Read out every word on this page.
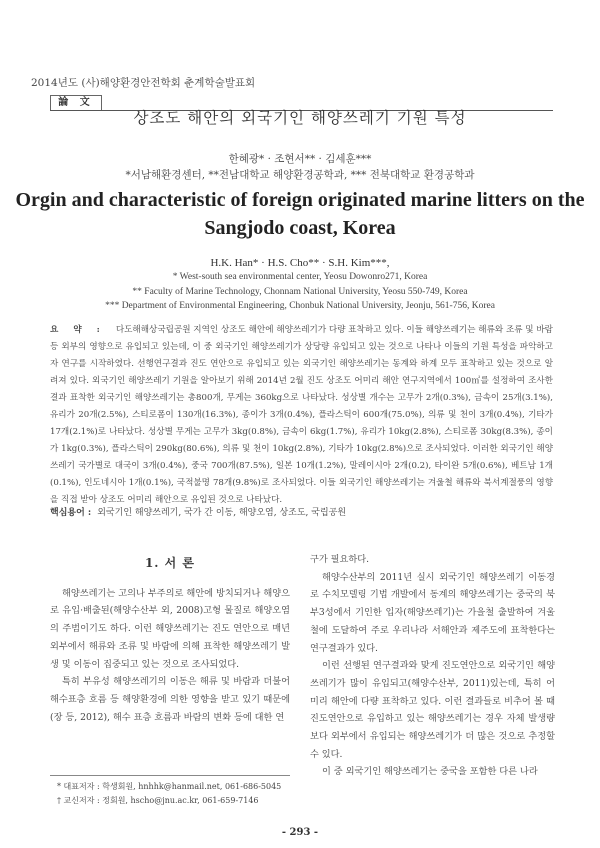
2014년도 (사)해양환경안전학회 춘계학술발표회
論 文
상조도 해안의 외국기인 해양쓰레기 기원 특성
한혜광* · 조현서** · 김세훈***
*서남해환경센터, **전남대학교 해양환경공학과, *** 전북대학교 환경공학과
Orgin and characteristic of foreign originated marine litters on the Sangjodo coast, Korea
H.K. Han* · H.S. Cho** · S.H. Kim***,
* West-south sea environmental center, Yeosu Dowonro271, Korea
** Faculty of Marine Technology, Chonnam National University, Yeosu 550-749, Korea
*** Department of Environmental Engineering, Chonbuk National University, Jeonju, 561-756, Korea
요 약 : 다도해해상국립공원 지역인 상조도 해안에 해양쓰레기가 다량 표착하고 있다. 이들 해양쓰레기는 해류와 조류 및 바람 등 외부의 영향으로 유입되고 있는데, 이 중 외국기인 해양쓰레기가 상당량 유입되고 있는 것으로 나타나 이들의 기원 특성을 파악하고자 연구를 시작하였다. 선행연구결과 진도 연안으로 유입되고 있는 외국기인 해양쓰레기는 동계와 하계 모두 표착하고 있는 것으로 알려져 있다. 외국기인 해양쓰레기 기원을 알아보기 위해 2014년 2월 진도 상조도 어미리 해안 연구지역에서 100㎡를 설정하여 조사한 결과 표착한 외국기인 해양쓰레기는 총800개, 무게는 360kg으로 나타났다. 성상별 개수는 고무가 2개(0.3%), 금속이 25개(3.1%), 유리가 20개(2.5%), 스티로폼이 130개(16.3%), 종이가 3개(0.4%), 플라스틱이 600개(75.0%), 의류 및 천이 3개(0.4%), 기타가17개(2.1%)로 나타났다. 성상별 무게는 고무가 3kg(0.8%), 금속이 6kg(1.7%), 유리가 10kg(2.8%), 스티로폼 30kg(8.3%), 종이가 1kg(0.3%), 플라스틱이 290kg(80.6%), 의류 및 천이 10kg(2.8%), 기타가 10kg(2.8%)으로 조사되었다. 이러한 외국기인 해양쓰레기 국가별로 대국이 3개(0.4%), 중국 700개(87.5%), 일본 10개(1.2%), 말레이시아 2개(0.2), 타이완 5개(0.6%), 베트남 1개(0.1%), 인도네시아 1개(0.1%), 국적불명 78개(9.8%)로 조사되었다. 이들 외국기인 해양쓰레기는 겨울철 해류와 북서계절풍의 영향을 직접 받아 상조도 어미리 해안으로 유입된 것으로 나타났다.
핵심용어 : 외국기인 해양쓰레기, 국가 간 이동, 해양오염, 상조도, 국립공원
1. 서 론

해양쓰레기는 고의나 부주의로 해안에 방치되거나 해양으로 유입·배출된(해양수산부 외, 2008)고형 물질로 해양오염의 주범이기도 하다. 이런 해양쓰레기는 진도 연안으로 매년 외부에서 해류와 조류 및 바람에 의해 표착한 해양쓰레기 발생 및 이동이 집중되고 있는 것으로 조사되었다.

특히 부유성 해양쓰레기의 이동은 해류 및 바람과 더불어 해수표층 흐름 등 해양환경에 의한 영향을 받고 있기 때문에(장 등, 2012), 해수 표층 흐름과 바람의 변화 등에 대한 연

구가 필요하다.

해양수산부의 2011년 실시 외국기인 해양쓰레기 이동경로 수치모델링 기법 개발에서 동계의 해양쓰레기는 중국의 북부3성에서 기인한 입자(해양쓰레기)는 가을철 출발하여 겨울철에 도달하여 주로 우리나라 서해안과 제주도에 표착한다는 연구결과가 있다.

이런 선행된 연구결과와 맞게 진도연안으로 외국기인 해양쓰레기가 많이 유입되고(해양수산부, 2011)있는데, 특히 어미리 해안에 다량 표착하고 있다. 이런 결과들로 비추어 볼 때 진도연안으로 유입하고 있는 해양쓰레기는 경우 자체 발생량보다 외부에서 유입되는 해양쓰레기가 더 많은 것으로 추정할 수 있다.

이 중 외국기인 해양쓰레기는 중국을 포함한 다른 나라

* 대표저자 : 학생회원, hnhhk@hanmail.net, 061-686-5045
† 교신저자 : 정회원, hscho@jnu.ac.kr, 061-659-7146
- 293 -
